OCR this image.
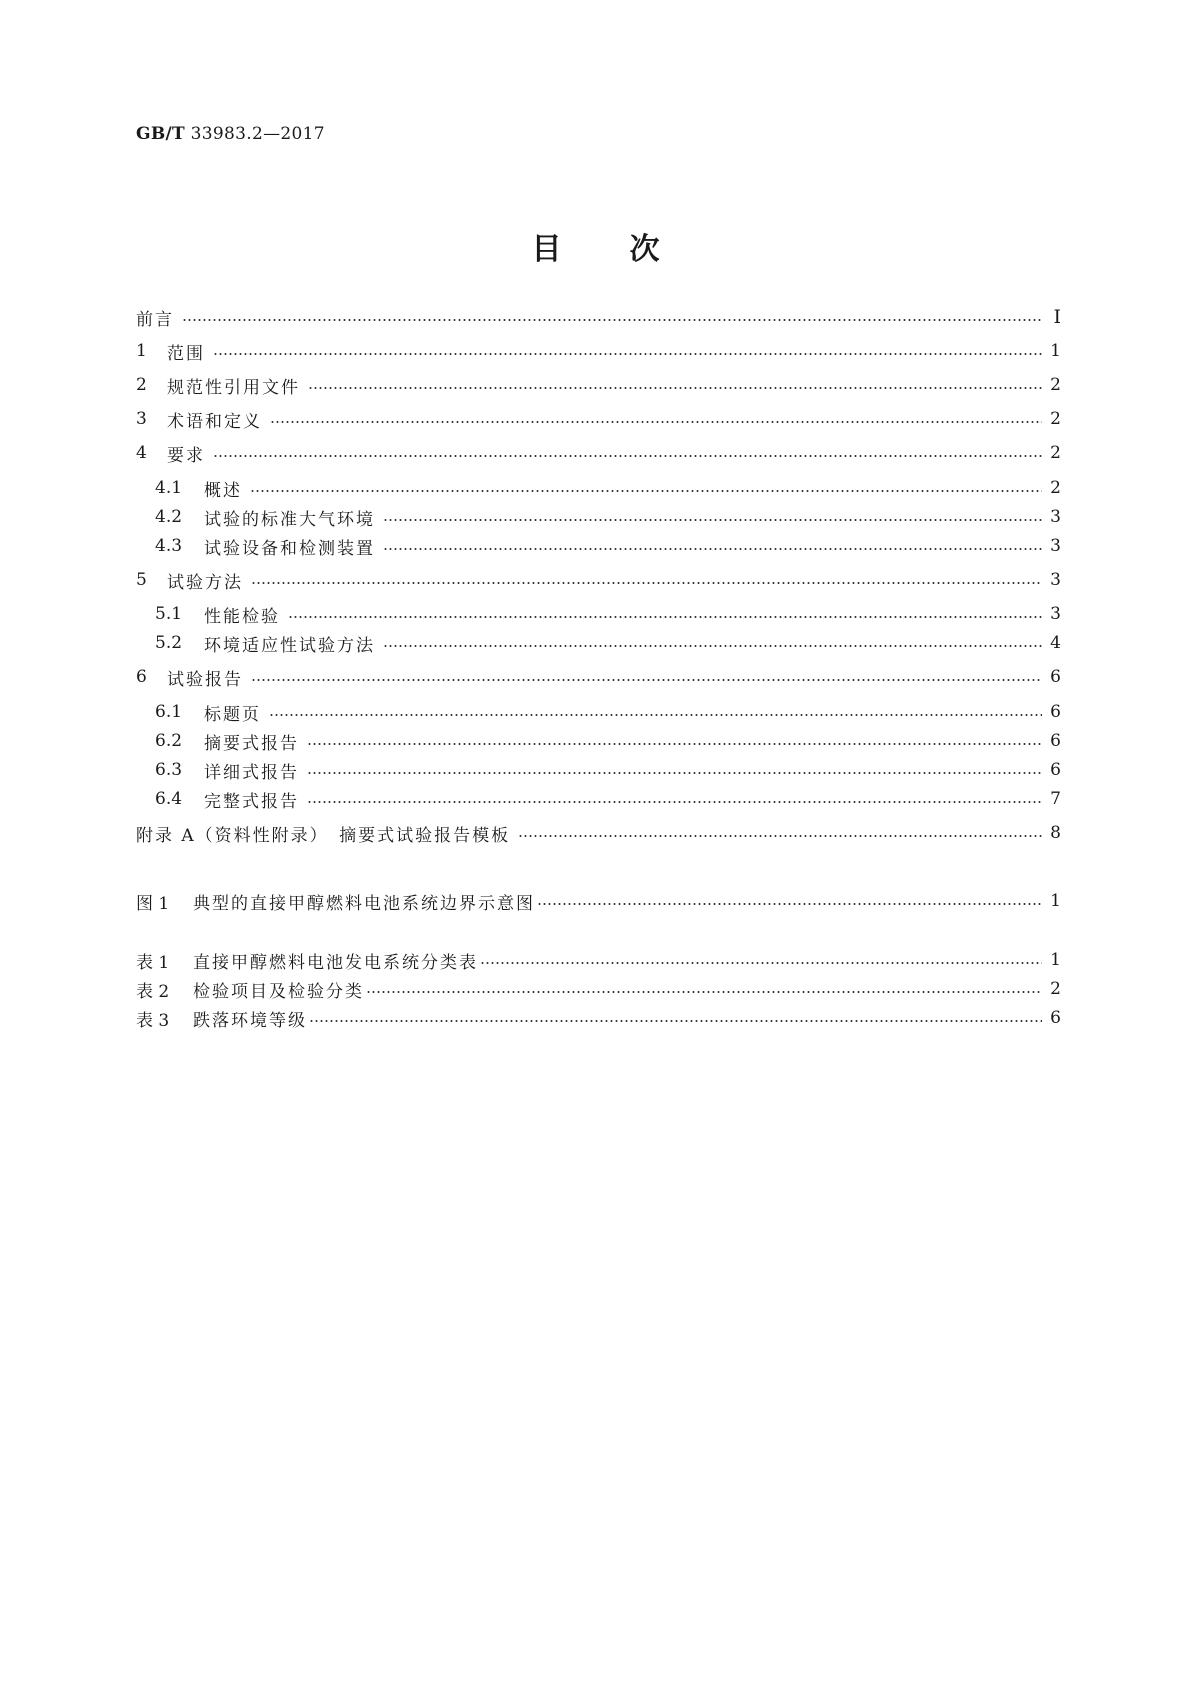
GB/T 33983.2—2017
目 次
前言	I
1	范围	1
2	规范性引用文件	2
3	术语和定义	2
4	要求	2
4.1	概述	2
4.2	试验的标准大气环境	3
4.3	试验设备和检测装置	3
5	试验方法	3
5.1	性能检验	3
5.2	环境适应性试验方法	4
6	试验报告	6
6.1	标题页	6
6.2	摘要式报告	6
6.3	详细式报告	6
6.4	完整式报告	7
附录 A（资料性附录）　摘要式试验报告模板	8
图 1	典型的直接甲醇燃料电池系统边界示意图	1
表 1	直接甲醇燃料电池发电系统分类表	1
表 2	检验项目及检验分类	2
表 3	跌落环境等级	6
